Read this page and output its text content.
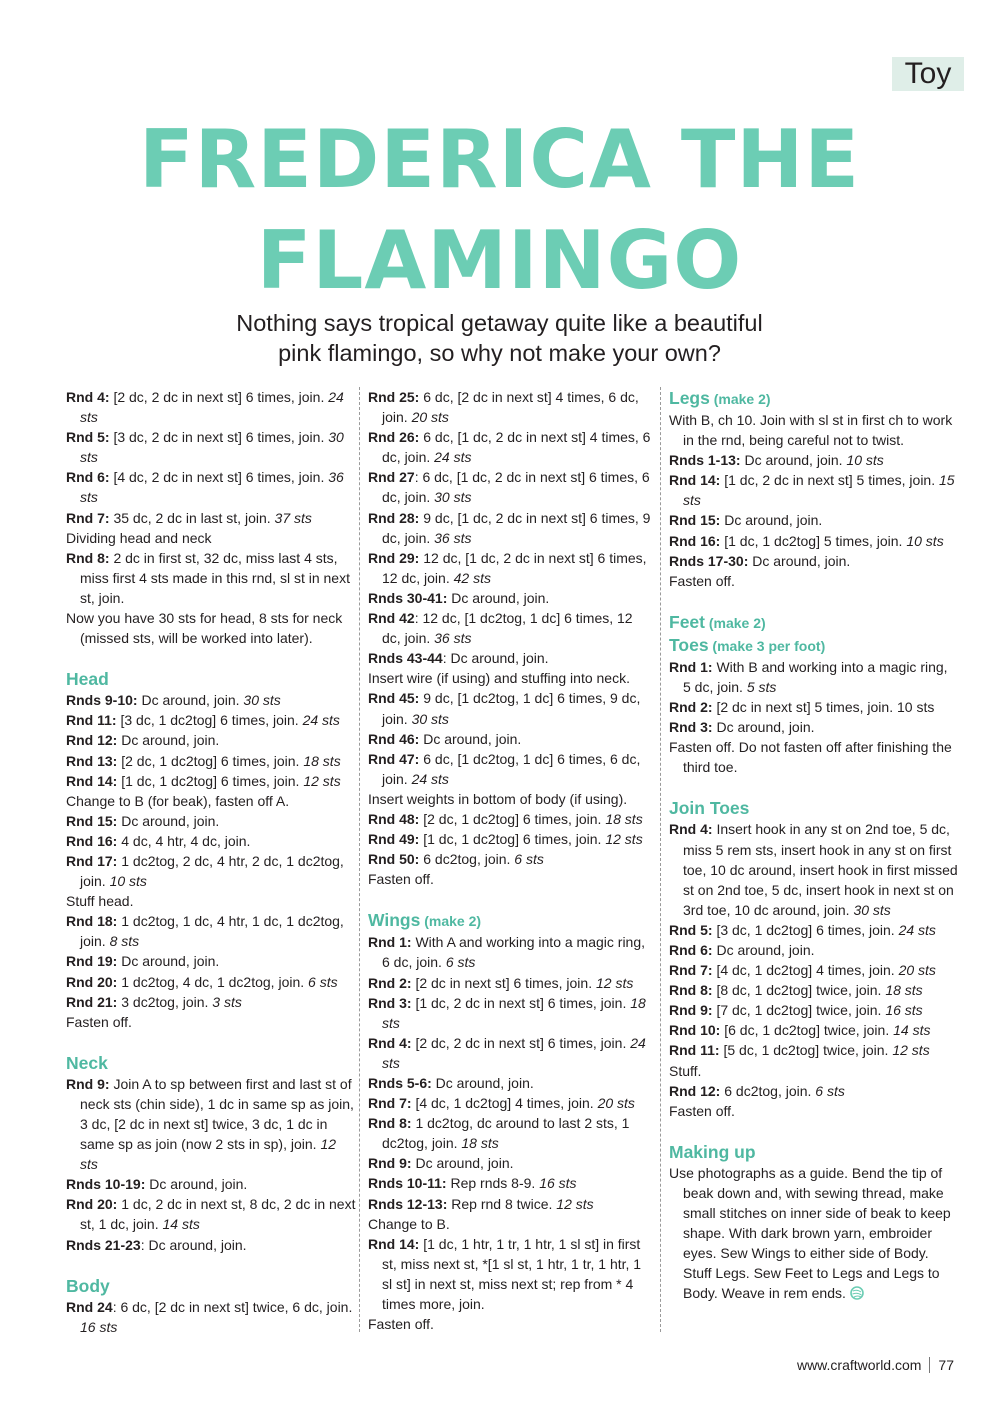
Toy
FREDERICA THE
FLAMINGO
Nothing says tropical getaway quite like a beautiful
pink flamingo, so why not make your own?
Rnd 4: [2 dc, 2 dc in next st] 6 times, join. 24 sts
Rnd 5: [3 dc, 2 dc in next st] 6 times, join. 30 sts
Rnd 6: [4 dc, 2 dc in next st] 6 times, join. 36 sts
Rnd 7: 35 dc, 2 dc in last st, join. 37 sts
Dividing head and neck
Rnd 8: 2 dc in first st, 32 dc, miss last 4 sts, miss first 4 sts made in this rnd, sl st in next st, join.
Now you have 30 sts for head, 8 sts for neck (missed sts, will be worked into later).
Head
Rnds 9-10: Dc around, join. 30 sts
Rnd 11: [3 dc, 1 dc2tog] 6 times, join. 24 sts
Rnd 12: Dc around, join.
Rnd 13: [2 dc, 1 dc2tog] 6 times, join. 18 sts
Rnd 14: [1 dc, 1 dc2tog] 6 times, join. 12 sts
Change to B (for beak), fasten off A.
Rnd 15: Dc around, join.
Rnd 16: 4 dc, 4 htr, 4 dc, join.
Rnd 17: 1 dc2tog, 2 dc, 4 htr, 2 dc, 1 dc2tog, join. 10 sts
Stuff head.
Rnd 18: 1 dc2tog, 1 dc, 4 htr, 1 dc, 1 dc2tog, join. 8 sts
Rnd 19: Dc around, join.
Rnd 20: 1 dc2tog, 4 dc, 1 dc2tog, join. 6 sts
Rnd 21: 3 dc2tog, join. 3 sts
Fasten off.
Neck
Rnd 9: Join A to sp between first and last st of neck sts (chin side), 1 dc in same sp as join, 3 dc, [2 dc in next st] twice, 3 dc, 1 dc in same sp as join (now 2 sts in sp), join. 12 sts
Rnds 10-19: Dc around, join.
Rnd 20: 1 dc, 2 dc in next st, 8 dc, 2 dc in next st, 1 dc, join. 14 sts
Rnds 21-23: Dc around, join.
Body
Rnd 24: 6 dc, [2 dc in next st] twice, 6 dc, join. 16 sts
Rnd 25: 6 dc, [2 dc in next st] 4 times, 6 dc, join. 20 sts
Rnd 26: 6 dc, [1 dc, 2 dc in next st] 4 times, 6 dc, join. 24 sts
Rnd 27: 6 dc, [1 dc, 2 dc in next st] 6 times, 6 dc, join. 30 sts
Rnd 28: 9 dc, [1 dc, 2 dc in next st] 6 times, 9 dc, join. 36 sts
Rnd 29: 12 dc, [1 dc, 2 dc in next st] 6 times, 12 dc, join. 42 sts
Rnds 30-41: Dc around, join.
Rnd 42: 12 dc, [1 dc2tog, 1 dc] 6 times, 12 dc, join. 36 sts
Rnds 43-44: Dc around, join.
Insert wire (if using) and stuffing into neck.
Rnd 45: 9 dc, [1 dc2tog, 1 dc] 6 times, 9 dc, join. 30 sts
Rnd 46: Dc around, join.
Rnd 47: 6 dc, [1 dc2tog, 1 dc] 6 times, 6 dc, join. 24 sts
Insert weights in bottom of body (if using).
Rnd 48: [2 dc, 1 dc2tog] 6 times, join. 18 sts
Rnd 49: [1 dc, 1 dc2tog] 6 times, join. 12 sts
Rnd 50: 6 dc2tog, join. 6 sts
Fasten off.
Wings (make 2)
Rnd 1: With A and working into a magic ring, 6 dc, join. 6 sts
Rnd 2: [2 dc in next st] 6 times, join. 12 sts
Rnd 3: [1 dc, 2 dc in next st] 6 times, join. 18 sts
Rnd 4: [2 dc, 2 dc in next st] 6 times, join. 24 sts
Rnds 5-6: Dc around, join.
Rnd 7: [4 dc, 1 dc2tog] 4 times, join. 20 sts
Rnd 8: 1 dc2tog, dc around to last 2 sts, 1 dc2tog, join. 18 sts
Rnd 9: Dc around, join.
Rnds 10-11: Rep rnds 8-9. 16 sts
Rnds 12-13: Rep rnd 8 twice. 12 sts
Change to B.
Rnd 14: [1 dc, 1 htr, 1 tr, 1 htr, 1 sl st] in first st, miss next st, *[1 sl st, 1 htr, 1 tr, 1 htr, 1 sl st] in next st, miss next st; rep from * 4 times more, join.
Fasten off.
Legs (make 2)
With B, ch 10. Join with sl st in first ch to work in the rnd, being careful not to twist.
Rnds 1-13: Dc around, join. 10 sts
Rnd 14: [1 dc, 2 dc in next st] 5 times, join. 15 sts
Rnd 15: Dc around, join.
Rnd 16: [1 dc, 1 dc2tog] 5 times, join. 10 sts
Rnds 17-30: Dc around, join.
Fasten off.
Feet (make 2)
Toes (make 3 per foot)
Rnd 1: With B and working into a magic ring, 5 dc, join. 5 sts
Rnd 2: [2 dc in next st] 5 times, join. 10 sts
Rnd 3: Dc around, join.
Fasten off. Do not fasten off after finishing the third toe.
Join Toes
Rnd 4: Insert hook in any st on 2nd toe, 5 dc, miss 5 rem sts, insert hook in any st on first toe, 10 dc around, insert hook in first missed st on 2nd toe, 5 dc, insert hook in next st on 3rd toe, 10 dc around, join. 30 sts
Rnd 5: [3 dc, 1 dc2tog] 6 times, join. 24 sts
Rnd 6: Dc around, join.
Rnd 7: [4 dc, 1 dc2tog] 4 times, join. 20 sts
Rnd 8: [8 dc, 1 dc2tog] twice, join. 18 sts
Rnd 9: [7 dc, 1 dc2tog] twice, join. 16 sts
Rnd 10: [6 dc, 1 dc2tog] twice, join. 14 sts
Rnd 11: [5 dc, 1 dc2tog] twice, join. 12 sts
Stuff.
Rnd 12: 6 dc2tog, join. 6 sts
Fasten off.
Making up
Use photographs as a guide. Bend the tip of beak down and, with sewing thread, make small stitches on inner side of beak to keep shape. With dark brown yarn, embroider eyes. Sew Wings to either side of Body. Stuff Legs. Sew Feet to Legs and Legs to Body. Weave in rem ends.
www.craftworld.com 77
